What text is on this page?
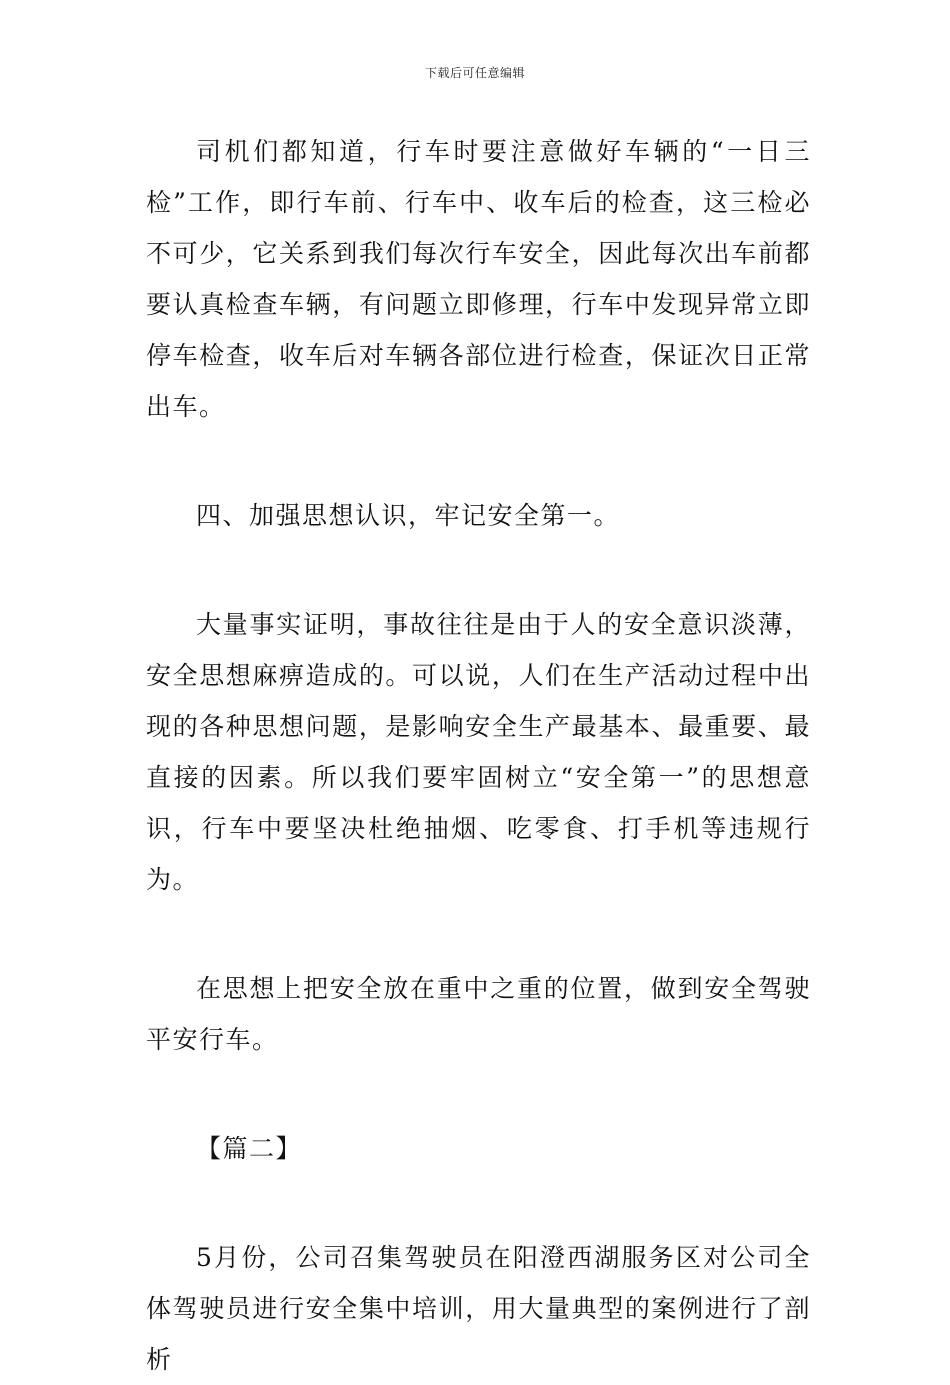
下载后可任意编辑

司机们都知道，行车时要注意做好车辆的“一日三检”工作，即行车前、行车中、收车后的检查，这三检必不可少，它关系到我们每次行车安全，因此每次出车前都要认真检查车辆，有问题立即修理，行车中发现异常立即停车检查，收车后对车辆各部位进行检查，保证次日正常出车。

四、加强思想认识，牢记安全第一。

大量事实证明，事故往往是由于人的安全意识淡薄，安全思想麻痹造成的。可以说，人们在生产活动过程中出现的各种思想问题，是影响安全生产最基本、最重要、最直接的因素。所以我们要牢固树立“安全第一”的思想意识，行车中要坚决杜绝抽烟、吃零食、打手机等违规行为。

在思想上把安全放在重中之重的位置，做到安全驾驶平安行车。

【篇二】

5月份，公司召集驾驶员在阳澄西湖服务区对公司全体驾驶员进行安全集中培训，用大量典型的案例进行了剖析
